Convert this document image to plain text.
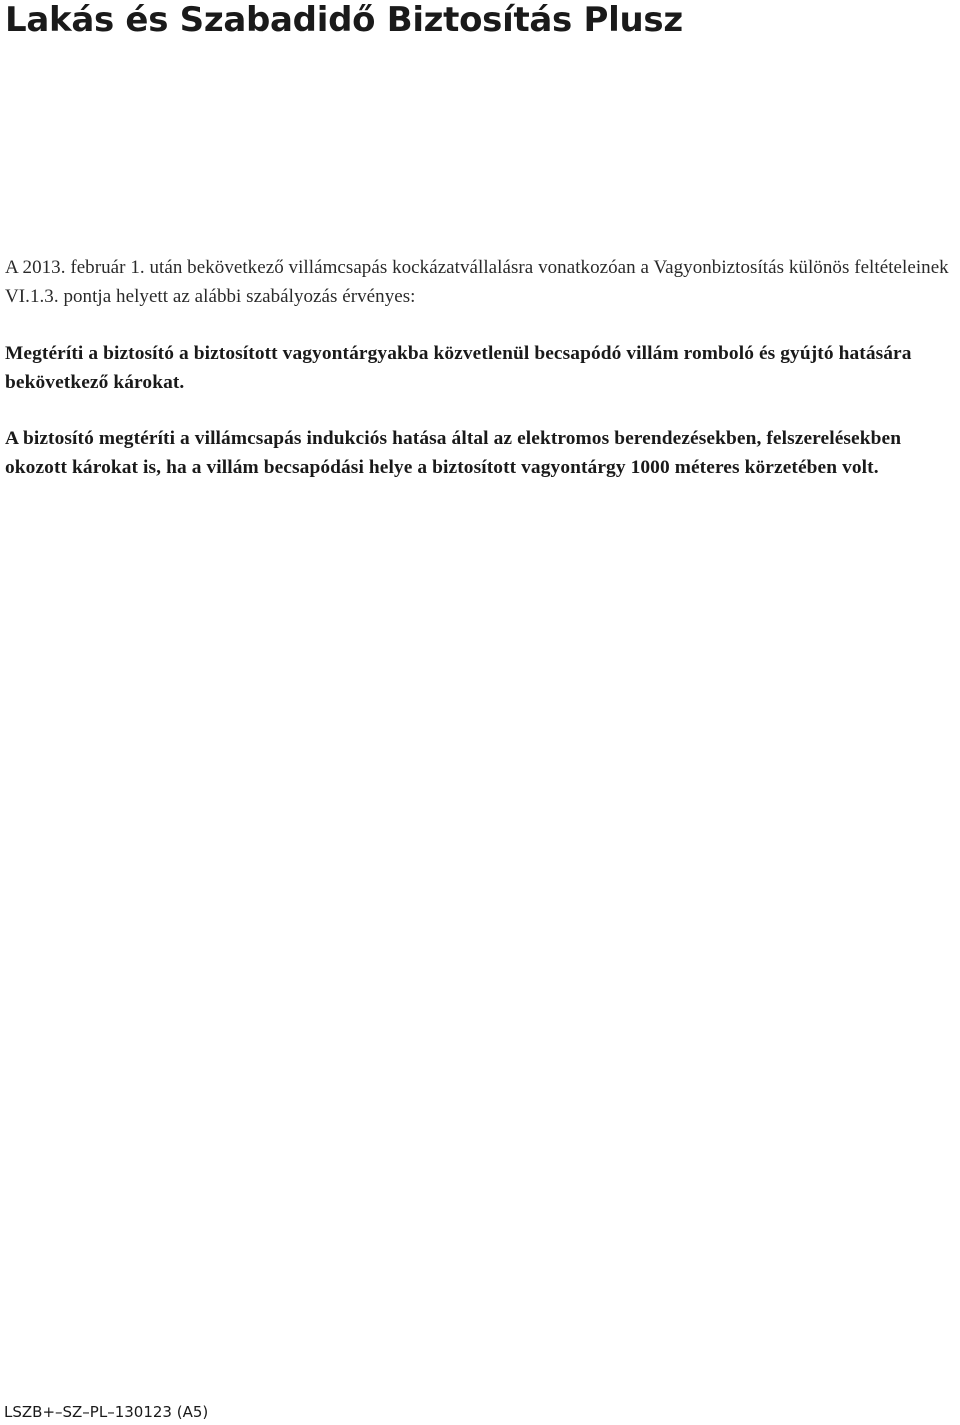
Lakás és Szabadidő Biztosítás Plusz

A 2013. február 1. után bekövetkező villámcsapás kockázatvállalásra vonatkozóan a Vagyonbiztosítás különös feltételeinek VI.1.3. pontja helyett az alábbi szabályozás érvényes:

Megtéríti a biztosító a biztosított vagyontárgyakba közvetlenül becsapódó villám romboló és gyújtó hatására bekövetkező károkat.

A biztosító megtéríti a villámcsapás indukciós hatása által az elektromos berendezésekben, felszerelésekben okozott károkat is, ha a villám becsapódási helye a biztosított vagyontárgy 1000 méteres körzetében volt.

LSZB+–SZ–PL–130123 (A5)
